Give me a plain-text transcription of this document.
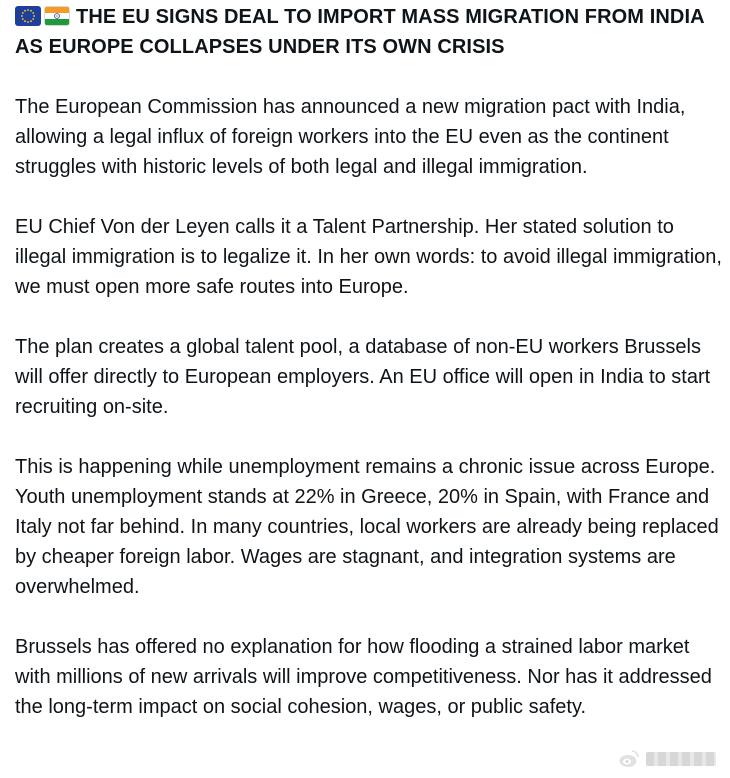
THE EU SIGNS DEAL TO IMPORT MASS MIGRATION FROM INDIA AS EUROPE COLLAPSES UNDER ITS OWN CRISIS
The European Commission has announced a new migration pact with India, allowing a legal influx of foreign workers into the EU even as the continent struggles with historic levels of both legal and illegal immigration.
EU Chief Von der Leyen calls it a Talent Partnership. Her stated solution to illegal immigration is to legalize it. In her own words: to avoid illegal immigration, we must open more safe routes into Europe.
The plan creates a global talent pool, a database of non-EU workers Brussels will offer directly to European employers. An EU office will open in India to start recruiting on-site.
This is happening while unemployment remains a chronic issue across Europe. Youth unemployment stands at 22% in Greece, 20% in Spain, with France and Italy not far behind. In many countries, local workers are already being replaced by cheaper foreign labor. Wages are stagnant, and integration systems are overwhelmed.
Brussels has offered no explanation for how flooding a strained labor market with millions of new arrivals will improve competitiveness. Nor has it addressed the long-term impact on social cohesion, wages, or public safety.
